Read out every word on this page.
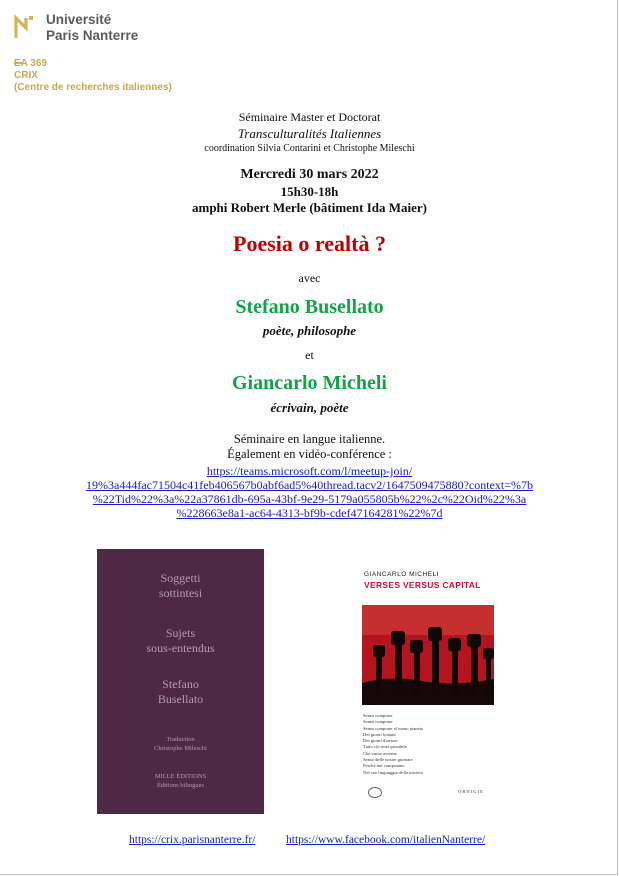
Université
Paris Nanterre
EA 369
CRIX
(Centre de recherches italiennes)
Séminaire Master et Doctorat
Transculturalités Italiennes
coordination Silvia Contarini et Christophe Mileschi
Mercredi 30 mars 2022
15h30-18h
amphi Robert Merle (bâtiment Ida Maier)
Poesia o realtà ?
avec
Stefano Busellato
poète, philosophe
et
Giancarlo Micheli
écrivain, poète
Séminaire en langue italienne.
Également en vidéo-conférence :
https://teams.microsoft.com/l/meetup-join/
19%3a444fac71504c41feb406567b0abf6ad5%40thread.tacv2/1647509475880?context=%7b
%22Tid%22%3a%22a37861db-695a-43bf-9e29-5179a055805b%22%2c%22Oid%22%3a
%228663e8a1-ac64-4313-bf9b-cdef47164281%22%7d
Soggetti
sottintesi
Sujets
sous-entendus
Stefano
Busellato
Traduction
Christophe Mileschi
MILLE ÉDITIONS
Éditions bilingues
GIANCARLO MICHELI
VERSES VERSUS CAPITAL
Senza comprare
Senza comprare
Senza comprare al tuono pianeta
Dei giorni lontani
Dei giorni d'amore
Tutto ciò resta possibile
Che vuoto avremo
Senso delle nostre giornate
Perché noi compriamo
Nel suo linguaggio della miseria
ORNIGIE
https://crix.parisnanterre.fr/	https://www.facebook.com/italienNanterre/
